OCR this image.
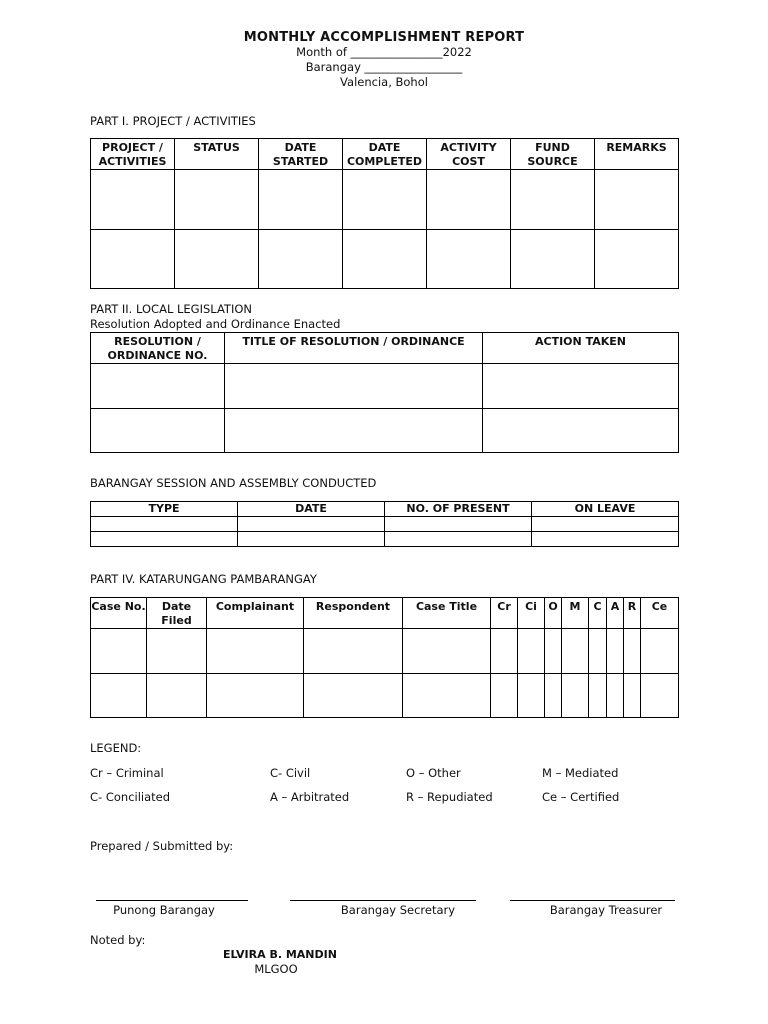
MONTHLY ACCOMPLISHMENT REPORT
Month of ________________2022
Barangay _________________
Valencia, Bohol
PART I. PROJECT / ACTIVITIES
PROJECT / ACTIVITIES	STATUS	DATE STARTED	DATE COMPLETED	ACTIVITY COST	FUND SOURCE	REMARKS

PART II. LOCAL LEGISLATION
Resolution Adopted and Ordinance Enacted
RESOLUTION / ORDINANCE NO.	TITLE OF RESOLUTION / ORDINANCE	ACTION TAKEN

BARANGAY SESSION AND ASSEMBLY CONDUCTED
TYPE	DATE	NO. OF PRESENT	ON LEAVE

PART IV. KATARUNGANG PAMBARANGAY
Case No.	Date Filed	Complainant	Respondent	Case Title	Cr	Ci	O	M	C	A	R	Ce

LEGEND:
Cr – Criminal	C- Civil	O – Other	M – Mediated
C- Conciliated	A – Arbitrated	R – Repudiated	Ce – Certified
Prepared / Submitted by:
Punong Barangay	Barangay Secretary	Barangay Treasurer
Noted by:
ELVIRA B. MANDIN
MLGOO
